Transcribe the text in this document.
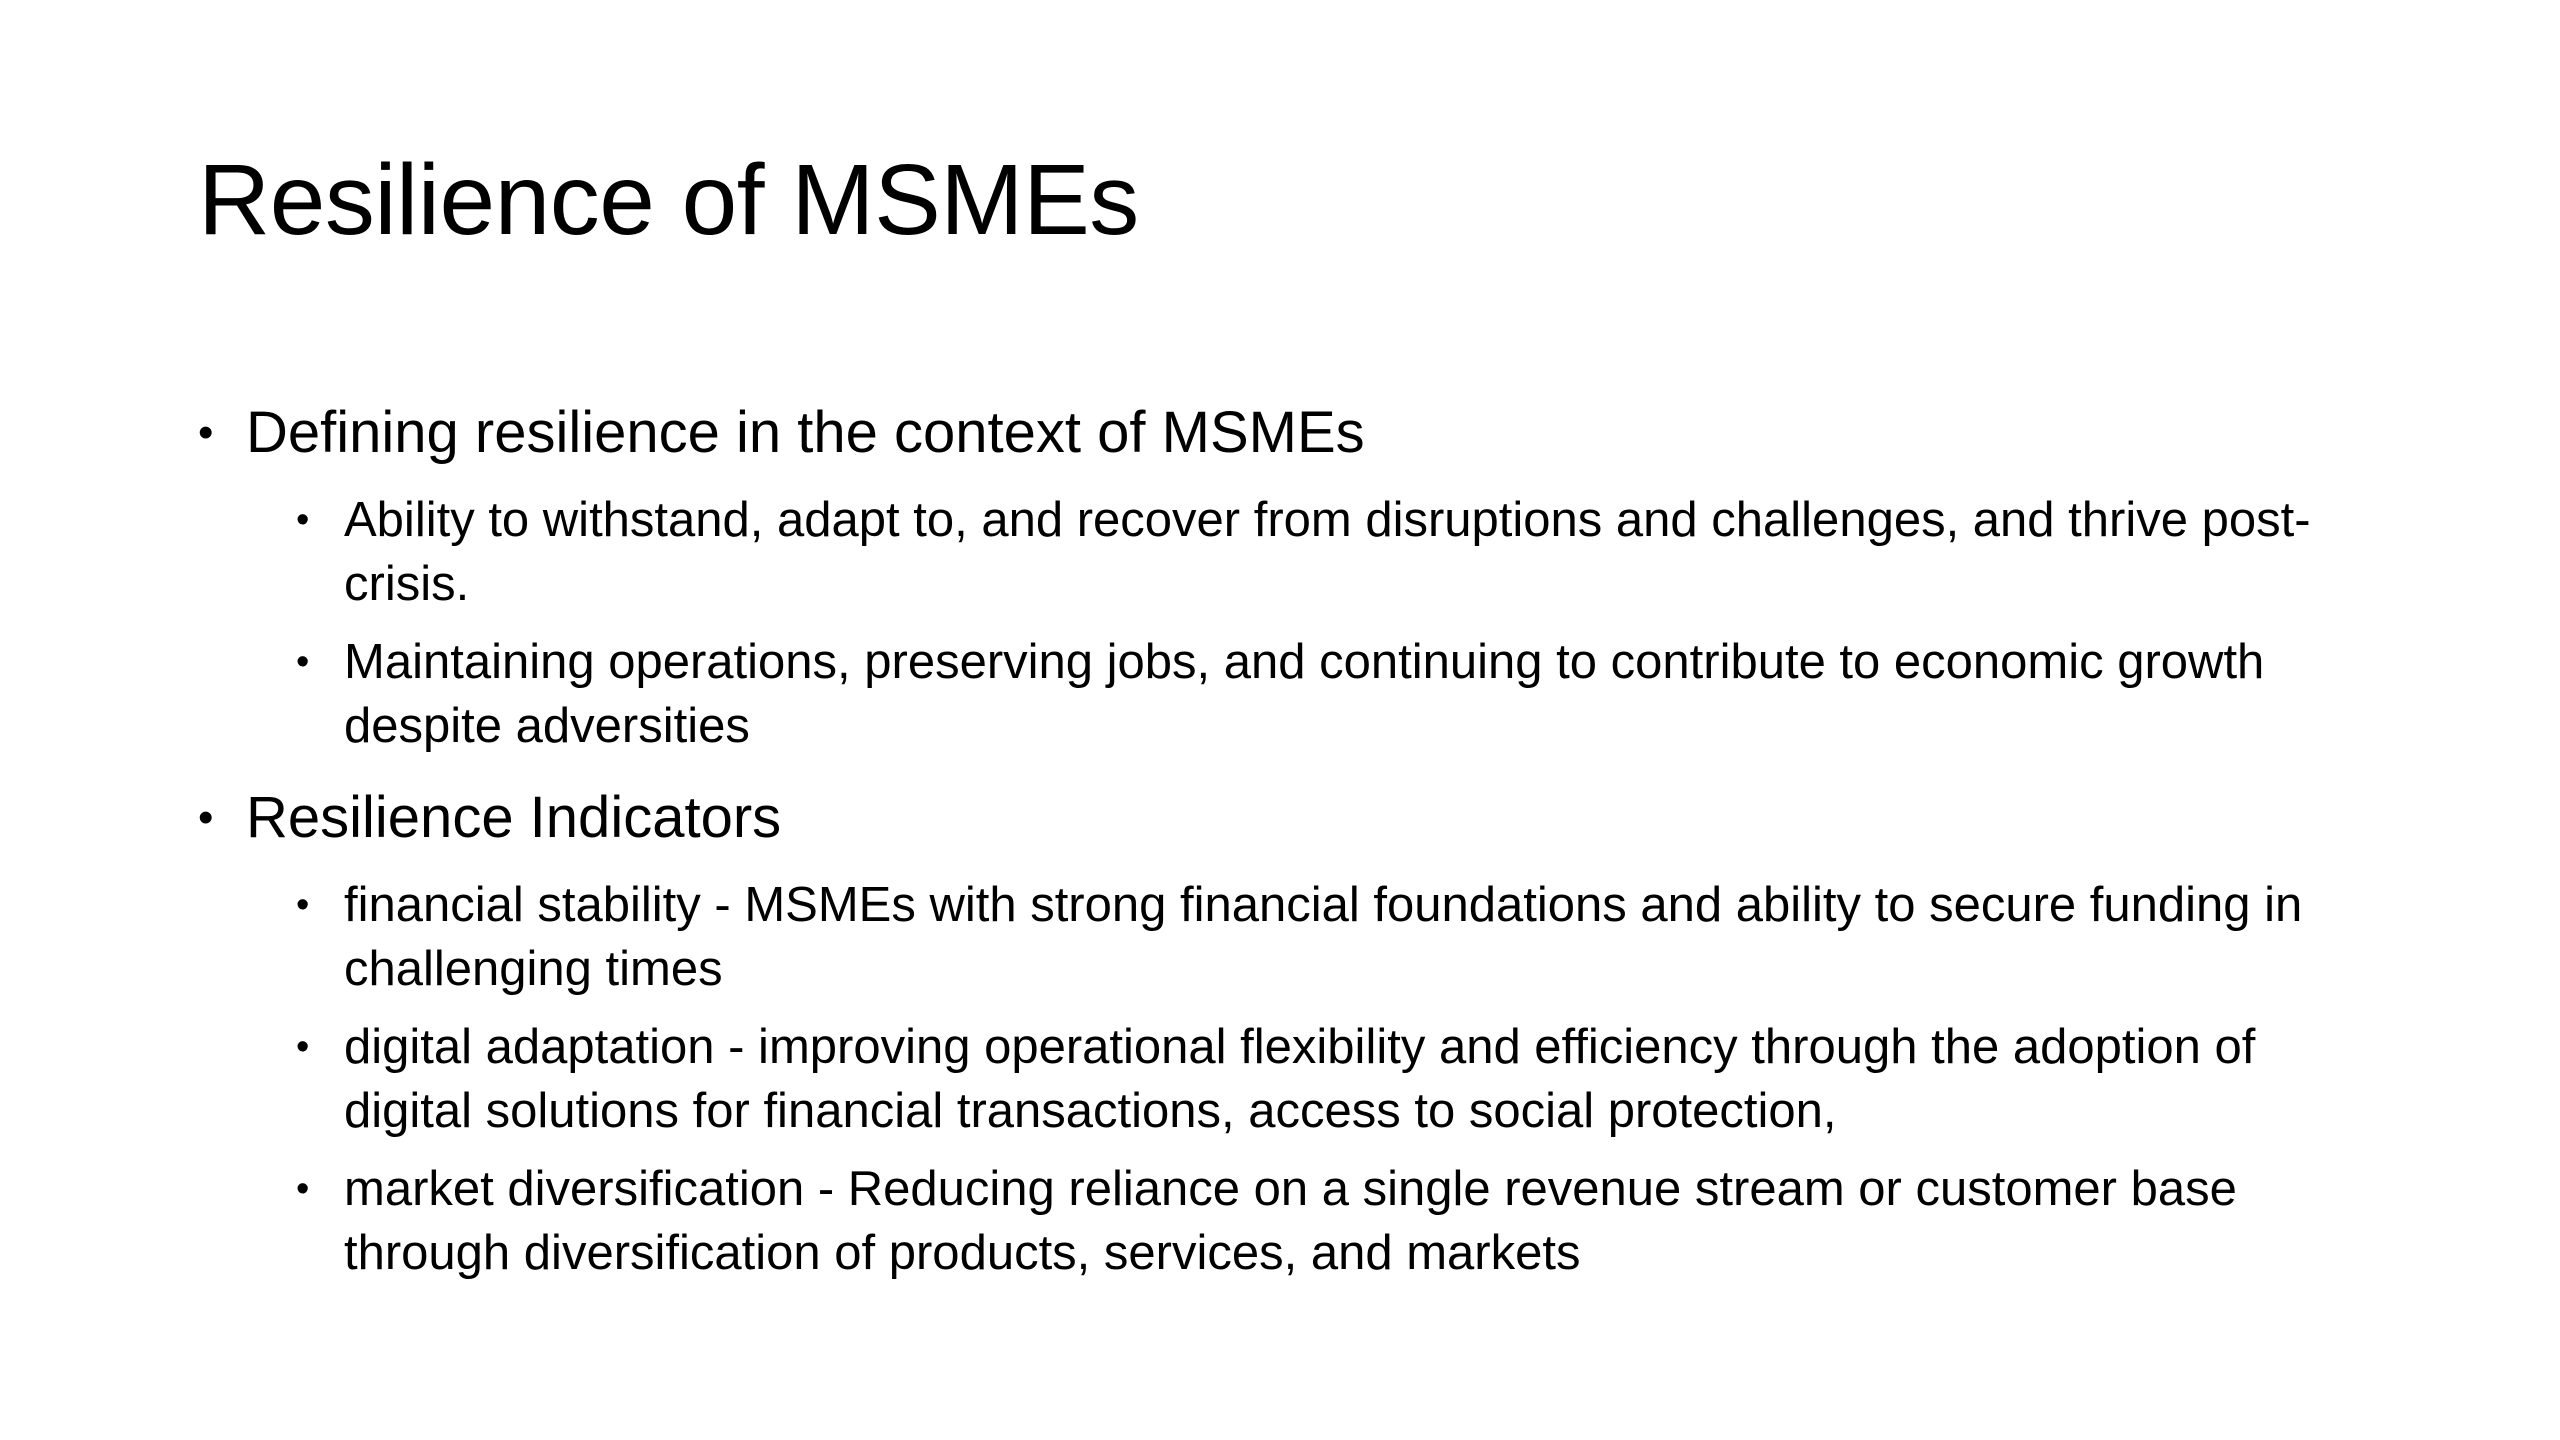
Resilience of MSMEs
• Defining resilience in the context of MSMEs
• Ability to withstand, adapt to, and recover from disruptions and challenges, and thrive post-crisis.
• Maintaining operations, preserving jobs, and continuing to contribute to economic growth despite adversities
• Resilience Indicators
• financial stability - MSMEs with strong financial foundations and ability to secure funding in challenging times
• digital adaptation - improving operational flexibility and efficiency through the adoption of digital solutions for financial transactions, access to social protection,
• market diversification - Reducing reliance on a single revenue stream or customer base through diversification of products, services, and markets
